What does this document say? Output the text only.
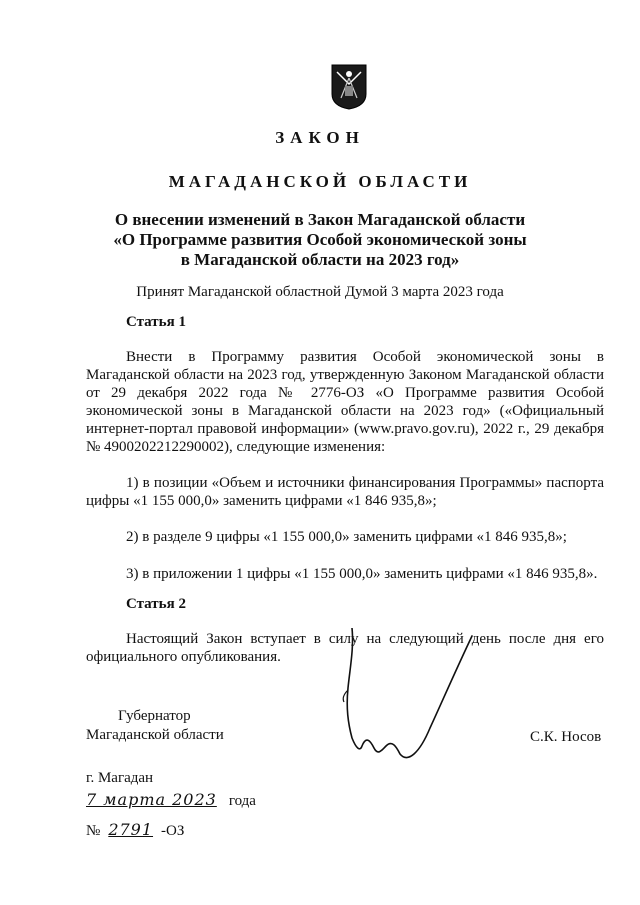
ЗАКОН
МАГАДАНСКОЙ ОБЛАСТИ
О внесении изменений в Закон Магаданской области
«О Программе развития Особой экономической зоны
в Магаданской области на 2023 год»
Принят Магаданской областной Думой 3 марта 2023 года
Статья 1
Внести в Программу развития Особой экономической зоны в Магаданской области на 2023 год, утвержденную Законом Магаданской области от 29 декабря 2022 года № 2776-ОЗ «О Программе развития Особой экономической зоны в Магаданской области на 2023 год» («Официальный интернет-портал правовой информации» (www.pravo.gov.ru), 2022 г., 29 декабря № 4900202212290002), следующие изменения:
1) в позиции «Объем и источники финансирования Программы» паспорта цифры «1 155 000,0» заменить цифрами «1 846 935,8»;
2) в разделе 9 цифры «1 155 000,0» заменить цифрами «1 846 935,8»;
3) в приложении 1 цифры «1 155 000,0» заменить цифрами «1 846 935,8».
Статья 2
Настоящий Закон вступает в силу на следующий день после дня его официального опубликования.
Губернатор
Магаданской области	С.К. Носов
г. Магадан
7 марта 2023 года
№ 2791 -ОЗ
